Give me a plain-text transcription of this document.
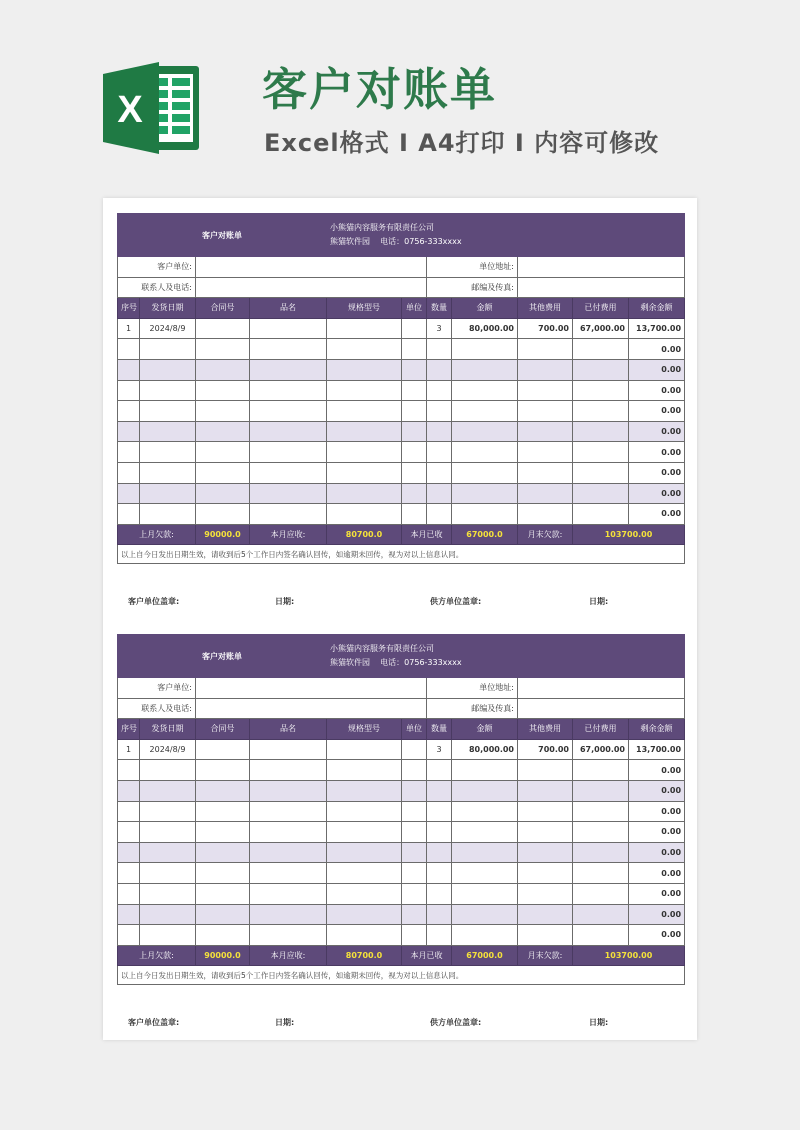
X	客户对账单
Excel格式 Ⅰ A4打印 Ⅰ 内容可修改
客户对账单				小熊猫内容服务有限责任公司
熊猫软件园 电话：0756-333xxxx						

客户单位:						单位地址:				
联系人及电话:						邮编及传真:				
序号	发货日期	合同号	品名	规格型号	单位	数量	金额	其他费用	已付费用	剩余金额
1	2024/8/9					3	80,000.00	700.00	67,000.00	13,700.00
										0.00
										0.00
										0.00
										0.00
										0.00
										0.00
										0.00
										0.00
										0.00
上月欠款:		90000.0	本月应收:	80700.0	本月已收		67000.0	月末欠款:	103700.00	
以上自今日发出日期生效，请收到后5个工作日内签名确认回传，如逾期未回传，视为对以上信息认同。										
客户单位盖章:	日期:	供方单位盖章:	日期:
客户对账单				小熊猫内容服务有限责任公司
熊猫软件园 电话：0756-333xxxx						

客户单位:						单位地址:				
联系人及电话:						邮编及传真:				
序号	发货日期	合同号	品名	规格型号	单位	数量	金额	其他费用	已付费用	剩余金额
1	2024/8/9					3	80,000.00	700.00	67,000.00	13,700.00
										0.00
										0.00
										0.00
										0.00
										0.00
										0.00
										0.00
										0.00
										0.00
上月欠款:		90000.0	本月应收:	80700.0	本月已收		67000.0	月末欠款:	103700.00	
以上自今日发出日期生效，请收到后5个工作日内签名确认回传，如逾期未回传，视为对以上信息认同。										
客户单位盖章:	日期:	供方单位盖章:	日期:
